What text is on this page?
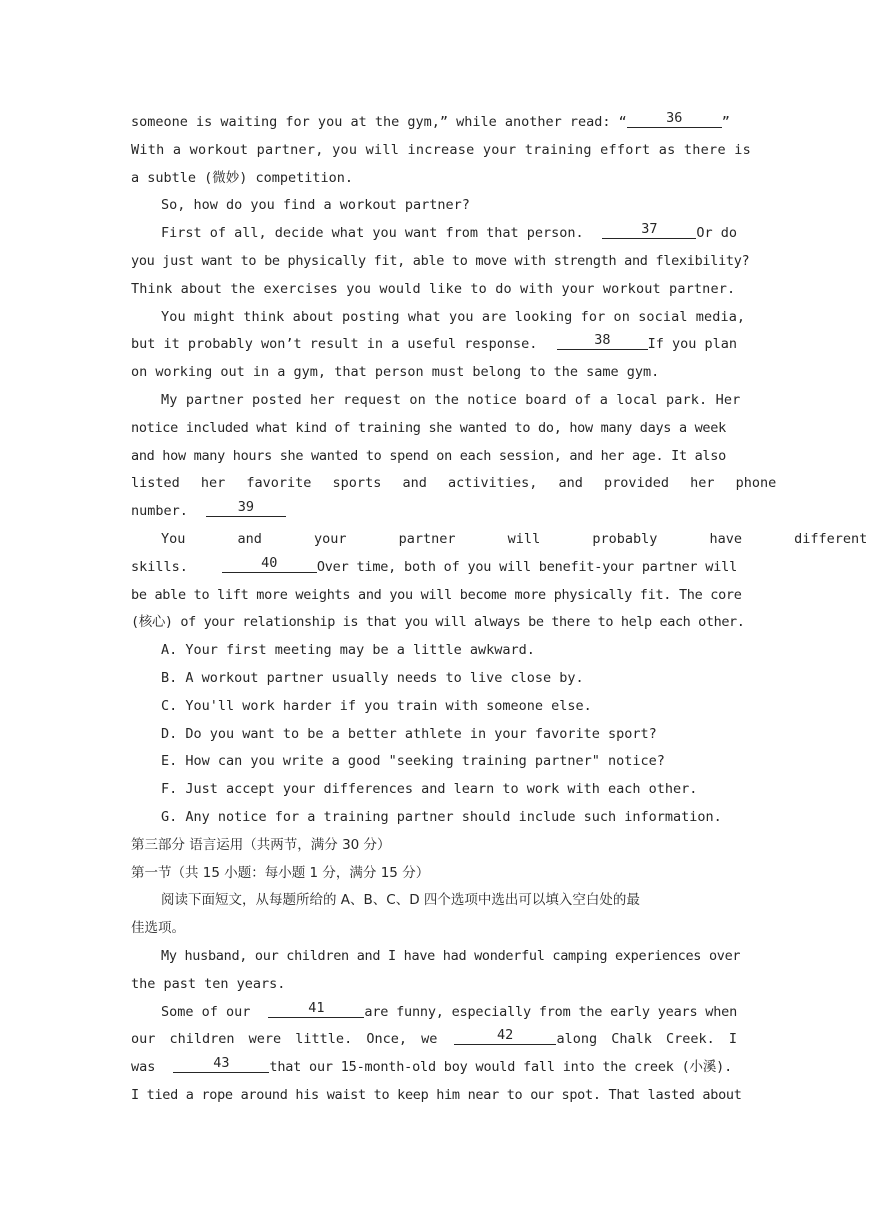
someone is waiting for you at the gym,” while another read: “	36	”
With a workout partner, you will increase your training effort as there is
a subtle (微妙) competition.
So, how do you find a workout partner?
First of all, decide what you want from that person.	37	Or do
you just want to be physically fit, able to move with strength and flexibility?
Think about the exercises you would like to do with your workout partner.
You might think about posting what you are looking for on social media,
but it probably won’t result in a useful response.	38	If you plan
on working out in a gym, that person must belong to the same gym.
My partner posted her request on the notice board of a local park. Her
notice included what kind of training she wanted to do, how many days a week
and how many hours she wanted to spend on each session, and her age. It also
listed her favorite sports and activities, and provided her phone
number.	39
You and your partner will probably have different
skills.	40	Over time, both of you will benefit-your partner will
be able to lift more weights and you will become more physically fit. The core
(核心) of your relationship is that you will always be there to help each other.
A. Your first meeting may be a little awkward.
B. A workout partner usually needs to live close by.
C. You'll work harder if you train with someone else.
D. Do you want to be a better athlete in your favorite sport?
E. How can you write a good "seeking training partner" notice?
F. Just accept your differences and learn to work with each other.
G. Any notice for a training partner should include such information.
第三部分 语言运用（共两节，满分 30 分）
第一节（共 15 小题：每小题 1 分，满分 15 分）
阅读下面短文，从每题所给的 A、B、C、D 四个选项中选出可以填入空白处的最
佳选项。
My husband, our children and I have had wonderful camping experiences over
the past ten years.
Some of our	41	are funny, especially from the early years when
our children were little. Once, we	42	along Chalk Creek. I
was	43	that our 15-month-old boy would fall into the creek (小溪).
I tied a rope around his waist to keep him near to our spot. That lasted about
